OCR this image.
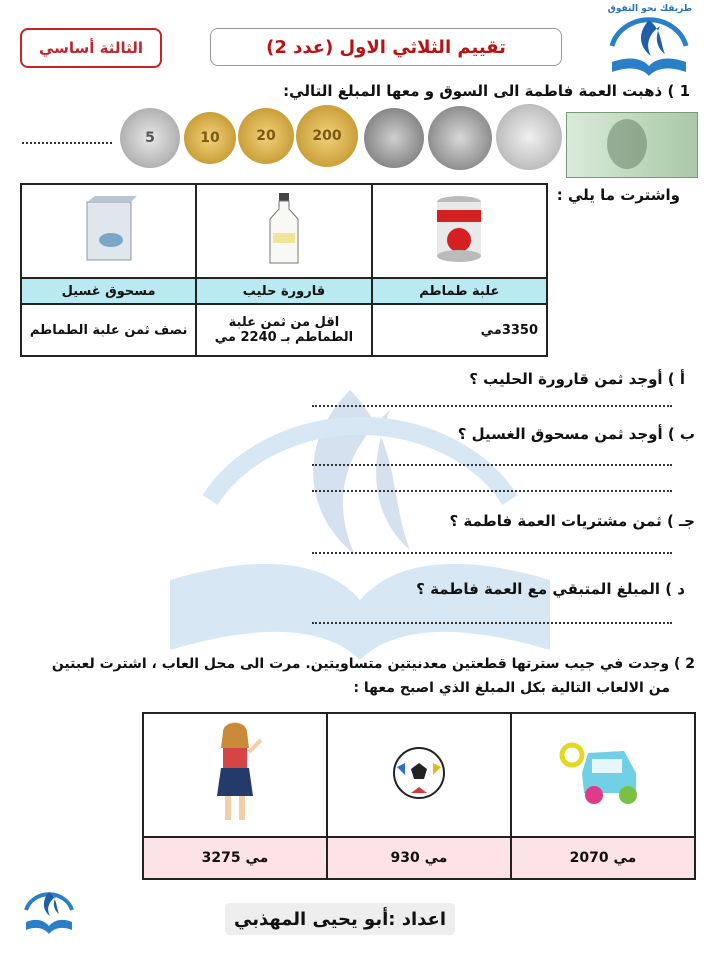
الثالثة أساسي	تقييم الثلاثي الاول (عدد 2)
طريقك نحو التفوق
1 ) ذهبت العمة فاطمة الى السوق و معها المبلغ التالي:
5	10	20	200
واشترت ما يلي :

مسحوق غسيل	قارورة حليب	علبة طماطم
نصف ثمن علبة الطماطم	اقل من ثمن علبة الطماطم بـ 2240 مي	3350مي
أ ) أوجد ثمن قارورة الحليب ؟
ب ) أوجد ثمن مسحوق الغسيل ؟
جـ ) ثمن مشتريات العمة فاطمة ؟
د ) المبلغ المتبقي مع العمة فاطمة ؟
2 ) وجدت في جيب سترتها قطعتين معدنيتين متساويتين. مرت الى محل العاب ، اشترت لعبتين
من الالعاب التالية بكل المبلغ الذي اصبح معها :

3275 مي	930 مي	2070 مي
اعداد :أبو يحيى المهذبي
